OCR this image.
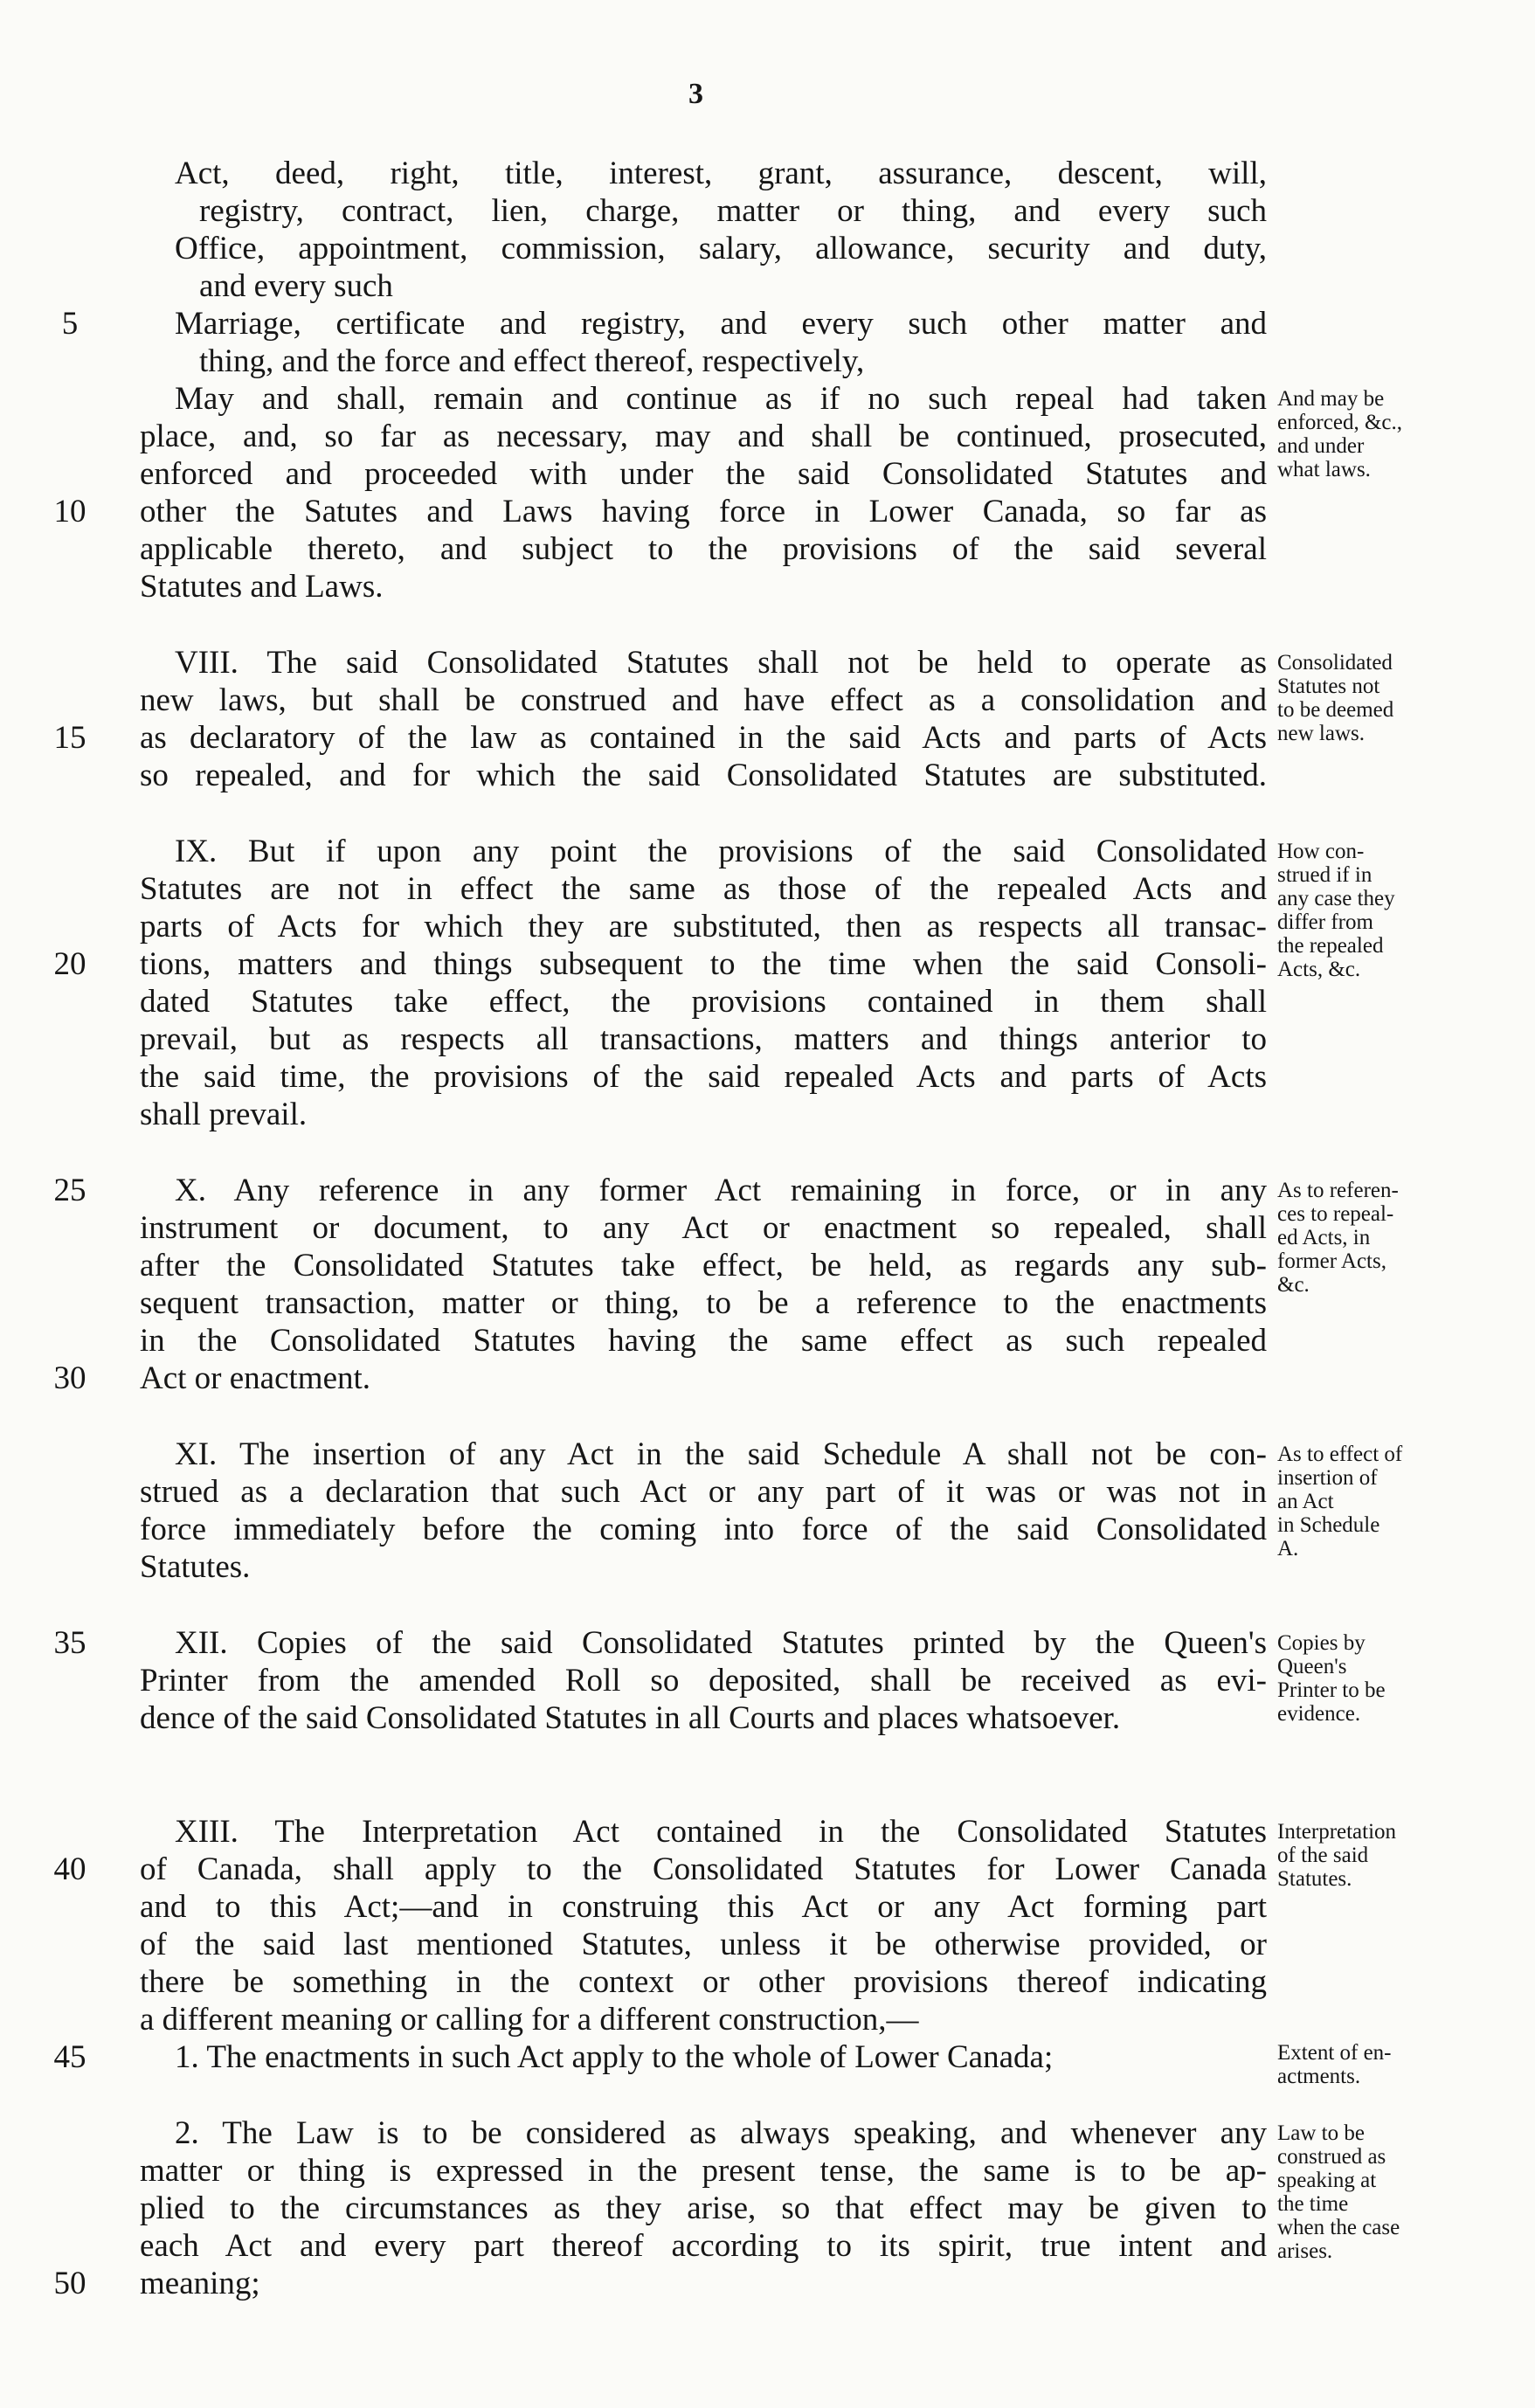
3
Act, deed, right, title, interest, grant, assurance, descent, will,
registry, contract, lien, charge, matter or thing, and every such
Office, appointment, commission, salary, allowance, security and duty,
and every such
Marriage, certificate and registry, and every such other matter and
thing, and the force and effect thereof, respectively,
May and shall, remain and continue as if no such repeal had taken
place, and, so far as necessary, may and shall be continued, prosecuted,
enforced and proceeded with under the said Consolidated Statutes and
other the Satutes and Laws having force in Lower Canada, so far as
applicable thereto, and subject to the provisions of the said several
Statutes and Laws.
VIII. The said Consolidated Statutes shall not be held to operate as
new laws, but shall be construed and have effect as a consolidation and
as declaratory of the law as contained in the said Acts and parts of Acts
so repealed, and for which the said Consolidated Statutes are substituted.
IX. But if upon any point the provisions of the said Consolidated
Statutes are not in effect the same as those of the repealed Acts and
parts of Acts for which they are substituted, then as respects all transac-
tions, matters and things subsequent to the time when the said Consoli-
dated Statutes take effect, the provisions contained in them shall
prevail, but as respects all transactions, matters and things anterior to
the said time, the provisions of the said repealed Acts and parts of Acts
shall prevail.
X. Any reference in any former Act remaining in force, or in any
instrument or document, to any Act or enactment so repealed, shall
after the Consolidated Statutes take effect, be held, as regards any sub-
sequent transaction, matter or thing, to be a reference to the enactments
in the Consolidated Statutes having the same effect as such repealed
Act or enactment.
XI. The insertion of any Act in the said Schedule A shall not be con-
strued as a declaration that such Act or any part of it was or was not in
force immediately before the coming into force of the said Consolidated
Statutes.
XII. Copies of the said Consolidated Statutes printed by the Queen's
Printer from the amended Roll so deposited, shall be received as evi-
dence of the said Consolidated Statutes in all Courts and places whatsoever.
XIII. The Interpretation Act contained in the Consolidated Statutes
of Canada, shall apply to the Consolidated Statutes for Lower Canada
and to this Act;—and in construing this Act or any Act forming part
of the said last mentioned Statutes, unless it be otherwise provided, or
there be something in the context or other provisions thereof indicating
a different meaning or calling for a different construction,—
1. The enactments in such Act apply to the whole of Lower Canada;
2. The Law is to be considered as always speaking, and whenever any
matter or thing is expressed in the present tense, the same is to be ap-
plied to the circumstances as they arise, so that effect may be given to
each Act and every part thereof according to its spirit, true intent and
meaning;
5
10
15
20
25
30
35
40
45
50
And may be
enforced, &c.,
and under
what laws.
Consolidated
Statutes not
to be deemed
new laws.
How con-
strued if in
any case they
differ from
the repealed
Acts, &c.
As to referen-
ces to repeal-
ed Acts, in
former Acts,
&c.
As to effect of
insertion of
an Act
in Schedule
A.
Copies by
Queen's
Printer to be
evidence.
Interpretation
of the said
Statutes.
Extent of en-
actments.
Law to be
construed as
speaking at
the time
when the case
arises.
